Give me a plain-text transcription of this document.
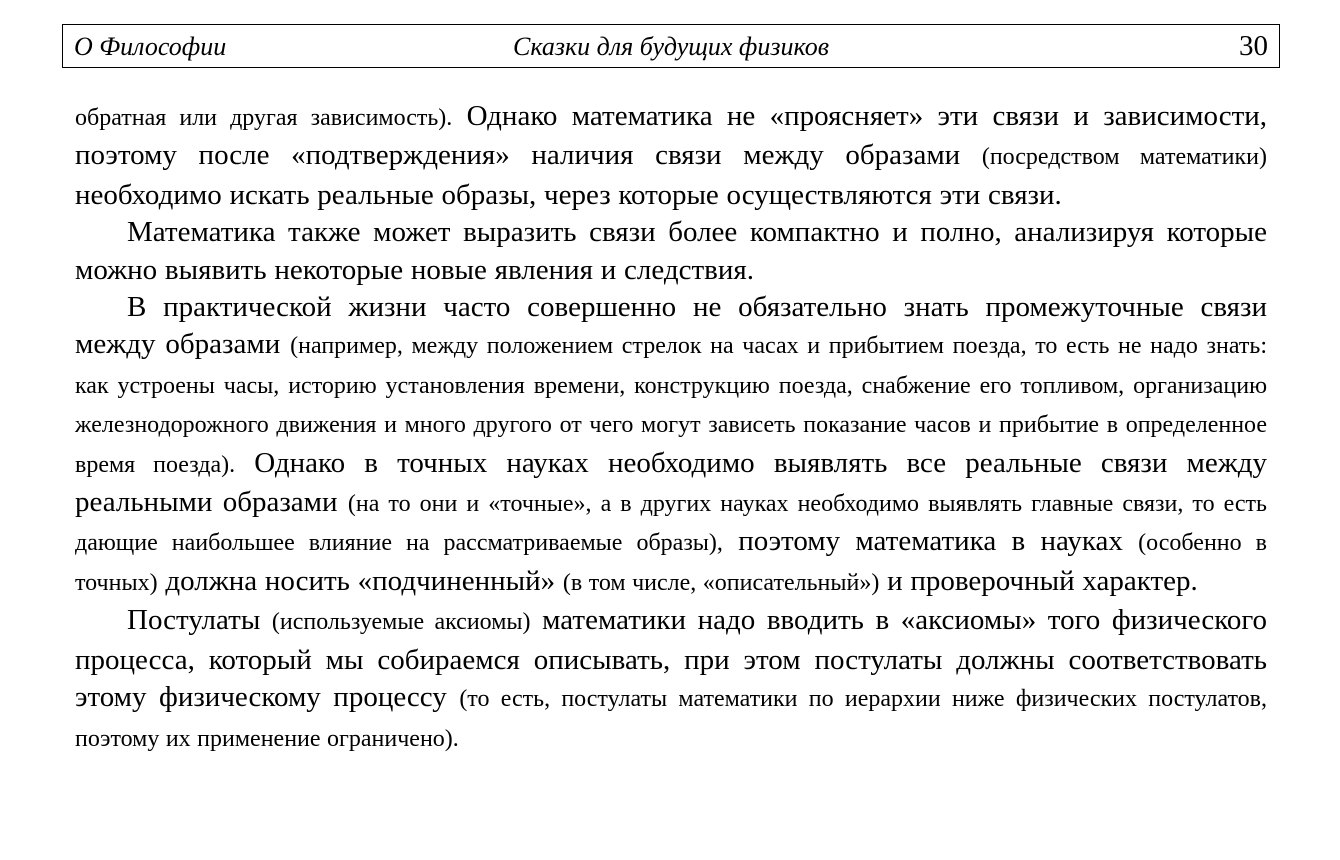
О Философии	Сказки для будущих физиков	30

обратная или другая зависимость). Однако математика не «проясняет» эти связи и зависимости, поэтому после «подтверждения» наличия связи между образами (посредством математики) необходимо искать реальные образы, через которые осуществляются эти связи.

Математика также может выразить связи более компактно и полно, анализируя которые можно выявить некоторые новые явления и следствия.

В практической жизни часто совершенно не обязательно знать промежуточные связи между образами (например, между положением стрелок на часах и прибытием поезда, то есть не надо знать: как устроены часы, историю установления времени, конструкцию поезда, снабжение его топливом, организацию железнодорожного движения и много другого от чего могут зависеть показание часов и прибытие в определенное время поезда). Однако в точных науках необходимо выявлять все реальные связи между реальными образами (на то они и «точные», а в других науках необходимо выявлять главные связи, то есть дающие наибольшее влияние на рассматриваемые образы), поэтому математика в науках (особенно в точных) должна носить «подчиненный» (в том числе, «описательный») и проверочный характер.

Постулаты (используемые аксиомы) математики надо вводить в «аксиомы» того физического процесса, который мы собираемся описывать, при этом постулаты должны соответствовать этому физическому процессу (то есть, постулаты математики по иерархии ниже физических постулатов, поэтому их применение ограничено).
